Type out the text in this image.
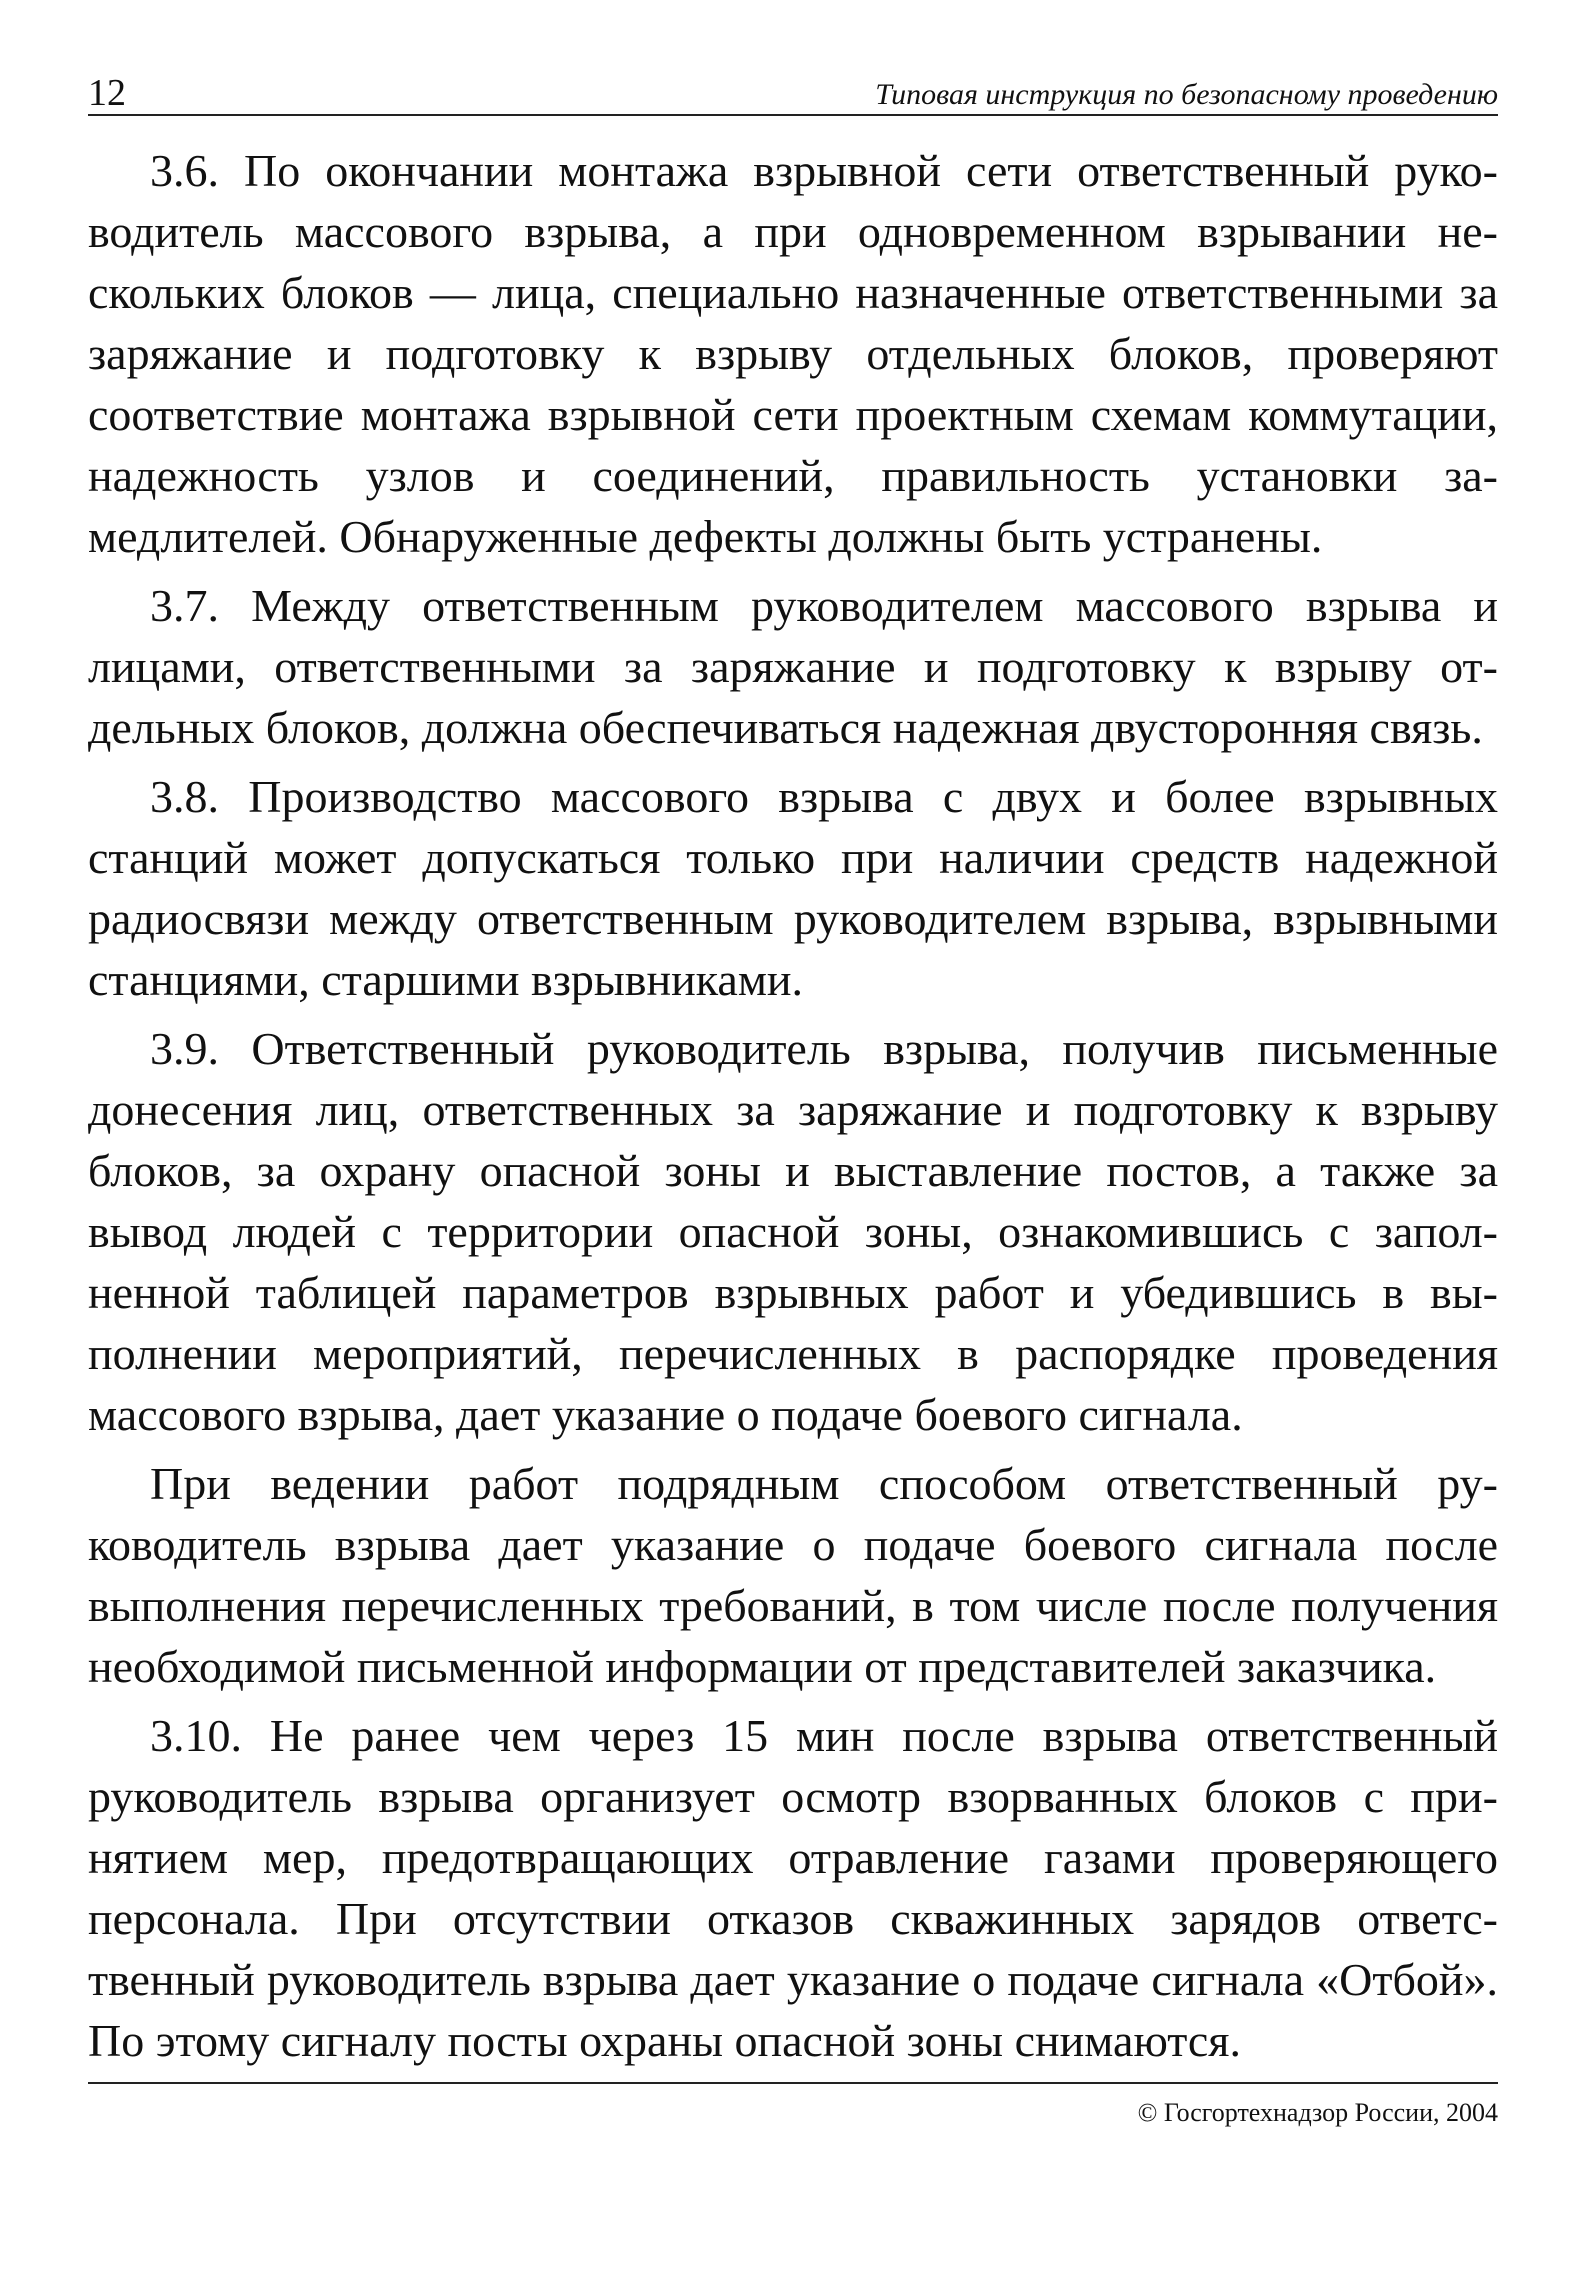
12	Типовая инструкция по безопасному проведению

3.6. По окончании монтажа взрывной сети ответственный руководитель массового взрыва, а при одновременном взрывании нескольких блоков — лица, специально назначенные ответственными за заряжание и подготовку к взрыву отдельных блоков, проверяют соответствие монтажа взрывной сети проектным схемам коммутации, надежность узлов и соединений, правильность установки замедлителей. Обнаруженные дефекты должны быть устранены.

3.7. Между ответственным руководителем массового взрыва и лицами, ответственными за заряжание и подготовку к взрыву отдельных блоков, должна обеспечиваться надежная двусторонняя связь.

3.8. Производство массового взрыва с двух и более взрывных станций может допускаться только при наличии средств надежной радиосвязи между ответственным руководителем взрыва, взрывными станциями, старшими взрывниками.

3.9. Ответственный руководитель взрыва, получив письменные донесения лиц, ответственных за заряжание и подготовку к взрыву блоков, за охрану опасной зоны и выставление постов, а также за вывод людей с территории опасной зоны, ознакомившись с заполненной таблицей параметров взрывных работ и убедившись в выполнении мероприятий, перечисленных в распорядке проведения массового взрыва, дает указание о подаче боевого сигнала.

При ведении работ подрядным способом ответственный руководитель взрыва дает указание о подаче боевого сигнала после выполнения перечисленных требований, в том числе после получения необходимой письменной информации от представителей заказчика.

3.10. Не ранее чем через 15 мин после взрыва ответственный руководитель взрыва организует осмотр взорванных блоков с принятием мер, предотвращающих отравление газами проверяющего персонала. При отсутствии отказов скважинных зарядов ответственный руководитель взрыва дает указание о подаче сигнала «Отбой». По этому сигналу посты охраны опасной зоны снимаются.

© Госгортехнадзор России, 2004
